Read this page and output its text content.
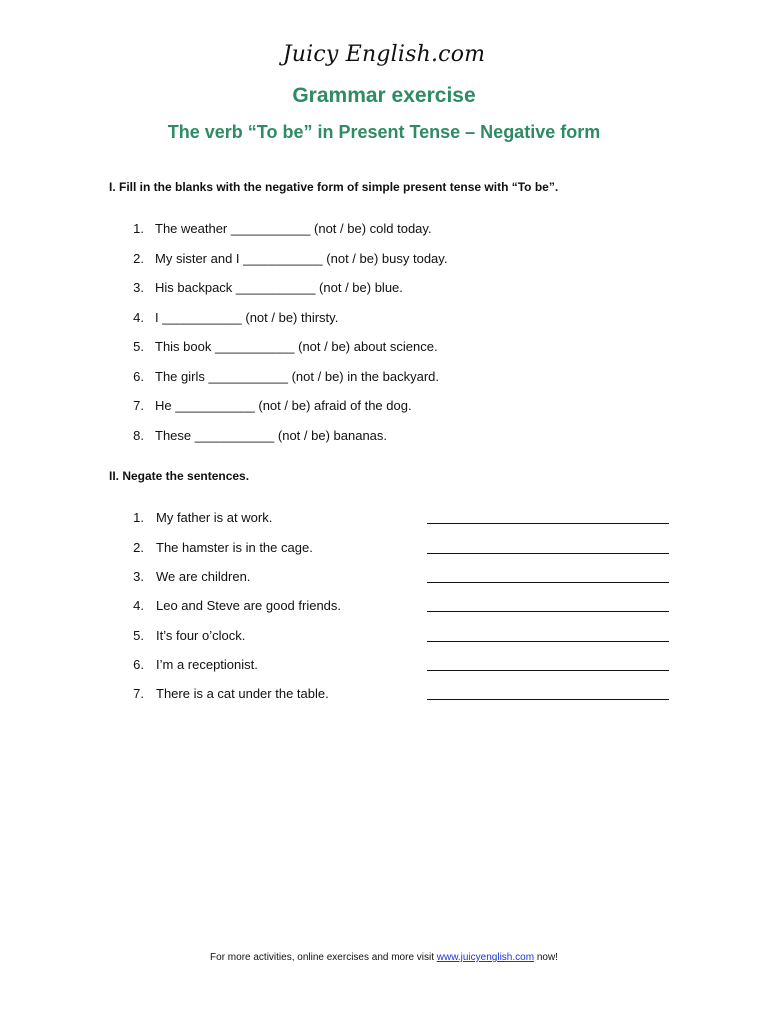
Juicy English.com
Grammar exercise
The verb “To be” in Present Tense – Negative form
I. Fill in the blanks with the negative form of simple present tense with “To be”.
1. The weather ___________ (not / be) cold today.
2. My sister and I ___________ (not / be) busy today.
3. His backpack ___________ (not / be) blue.
4. I ___________ (not / be) thirsty.
5. This book ___________ (not / be) about science.
6. The girls ___________ (not / be) in the backyard.
7. He ___________ (not / be) afraid of the dog.
8. These ___________ (not / be) bananas.
II. Negate the sentences.
1. My father is at work.
2. The hamster is in the cage.
3. We are children.
4. Leo and Steve are good friends.
5. It’s four o’clock.
6. I’m a receptionist.
7. There is a cat under the table.
For more activities, online exercises and more visit www.juicyenglish.com now!
